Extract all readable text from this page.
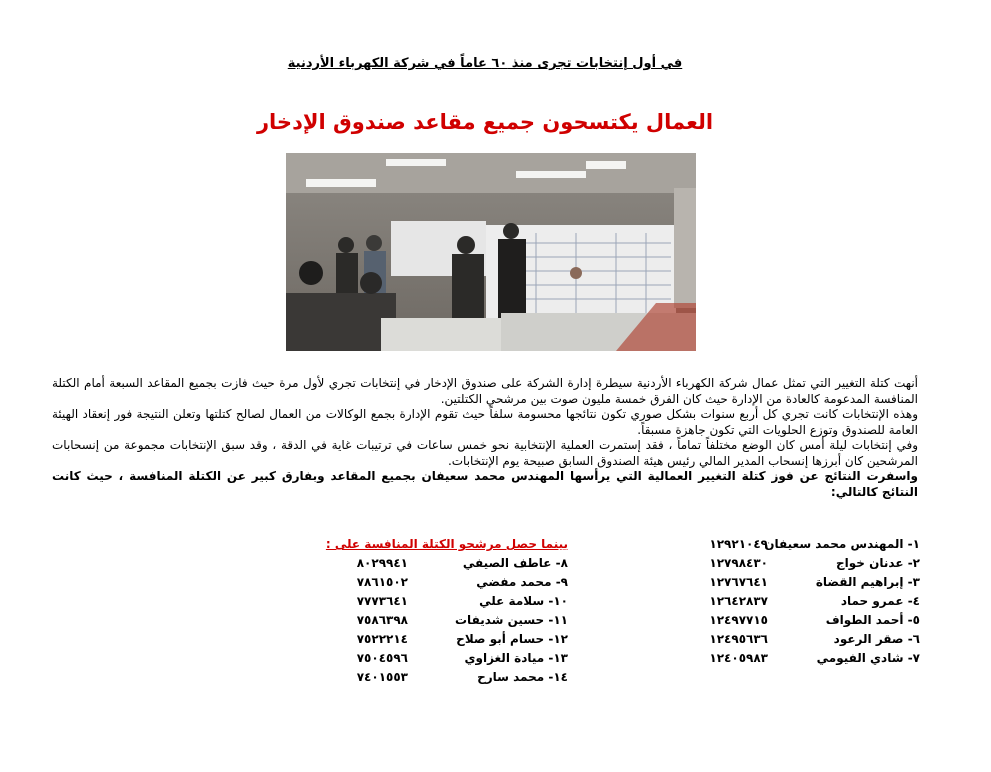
في أول إنتخابات تجرى منذ ٦٠ عاماً في شركة الكهرباء الأردنية
العمال يكتسحون جميع مقاعد صندوق الإدخار

أنهت كتلة التغيير التي تمثل عمال شركة الكهرباء الأردنية سيطرة إدارة الشركة على صندوق الإدخار في إنتخابات تجري لأول مرة حيث فازت بجميع المقاعد السبعة أمام الكتلة المنافسة المدعومة كالعادة من الإدارة حيث كان الفرق خمسة مليون صوت بين مرشحي الكتلتين.

وهذه الإنتخابات كانت تجري كل أربع سنوات بشكل صوري تكون نتائجها محسومة سلفاً حيث تقوم الإدارة بجمع الوكالات من العمال لصالح كتلتها وتعلن النتيجة فور إنعقاد الهيئة العامة للصندوق وتوزع الحلويات التي تكون جاهزة مسبقاً.

وفي إنتخابات ليلة أمس كان الوضع مختلفاً تماماً ، فقد إستمرت العملية الإنتخابية نحو خمس ساعات في ترتيبات غاية في الدقة ، وقد سبق الإنتخابات مجموعة من إنسحابات المرشحين كان أبرزها إنسحاب المدير المالي رئيس هيئة الصندوق السابق صبيحة يوم الإنتخابات.

واسفرت النتائج عن فوز كتلة التغيير العمالية التي يرأسها المهندس محمد سعيفان بجميع المقاعد وبفارق كبير عن الكتلة المنافسة ، حيث كانت النتائج كالتالي:

١- المهندس محمد سعيفان١٢٩٢١٠٤٩
٢- عدنان خواج١٢٧٩٨٤٣٠
٣- إبراهيم القضاة١٢٧٦٧٦٤١
٤- عمرو حماد١٢٦٤٢٨٣٧
٥- أحمد الطواف١٢٤٩٧٧١٥
٦- صقر الرعود١٢٤٩٥٦٣٦
٧- شادي الفيومي١٢٤٠٥٩٨٣
بينما حصل مرشحو الكتلة المنافسة على :
٨- عاطف الصيفي٨٠٢٩٩٤١
٩- محمد مفضي٧٨٦١٥٠٢
١٠- سلامة علي٧٧٧٣٦٤١
١١- حسين شديفات٧٥٨٦٣٩٨
١٢- حسام أبو صلاح٧٥٢٢٢١٤
١٣- ميادة الغزاوي٧٥٠٤٥٩٦
١٤- محمد سارح٧٤٠١٥٥٣
